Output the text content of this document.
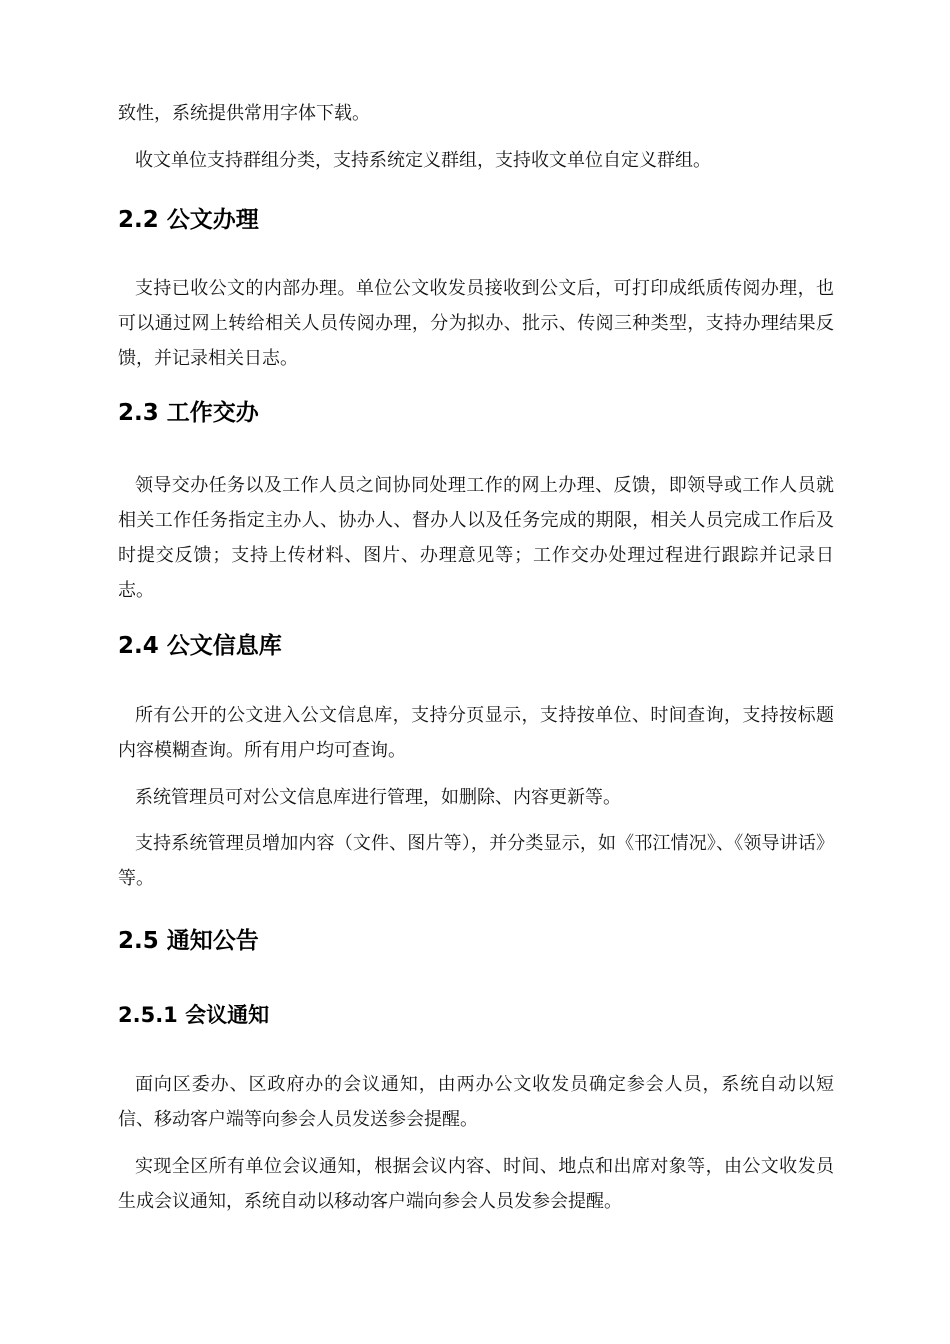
致性，系统提供常用字体下载。

收文单位支持群组分类，支持系统定义群组，支持收文单位自定义群组。

2.2 公文办理

支持已收公文的内部办理。单位公文收发员接收到公文后，可打印成纸质传阅办理，也可以通过网上转给相关人员传阅办理，分为拟办、批示、传阅三种类型，支持办理结果反馈，并记录相关日志。

2.3 工作交办

领导交办任务以及工作人员之间协同处理工作的网上办理、反馈，即领导或工作人员就相关工作任务指定主办人、协办人、督办人以及任务完成的期限，相关人员完成工作后及时提交反馈；支持上传材料、图片、办理意见等；工作交办处理过程进行跟踪并记录日志。

2.4 公文信息库

所有公开的公文进入公文信息库，支持分页显示，支持按单位、时间查询，支持按标题内容模糊查询。所有用户均可查询。

系统管理员可对公文信息库进行管理，如删除、内容更新等。

支持系统管理员增加内容（文件、图片等），并分类显示，如《邗江情况》、《领导讲话》等。

2.5 通知公告
2.5.1 会议通知

面向区委办、区政府办的会议通知，由两办公文收发员确定参会人员，系统自动以短信、移动客户端等向参会人员发送参会提醒。

实现全区所有单位会议通知，根据会议内容、时间、地点和出席对象等，由公文收发员生成会议通知，系统自动以移动客户端向参会人员发参会提醒。
